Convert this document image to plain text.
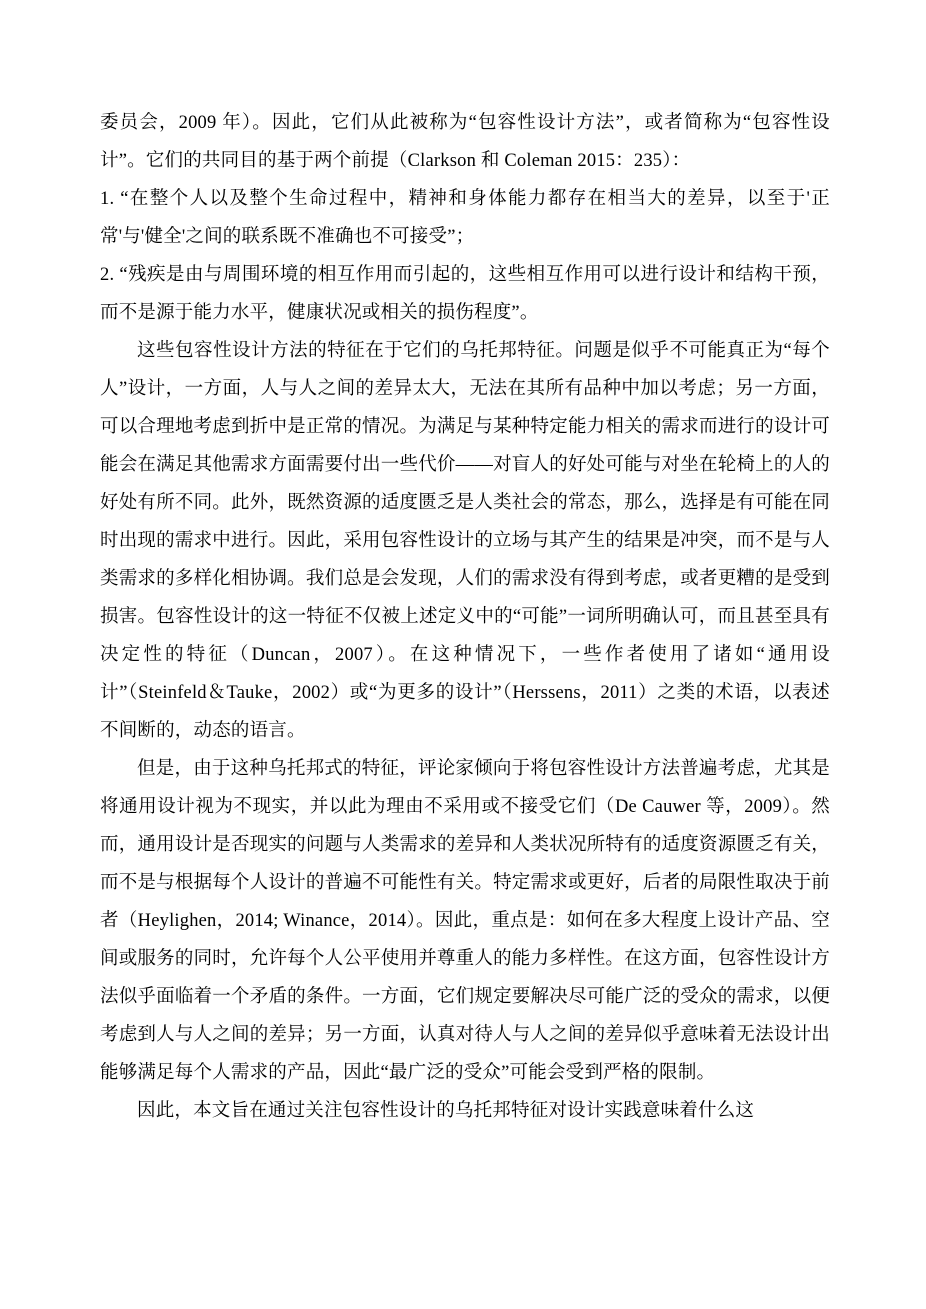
委员会，2009 年）。因此，它们从此被称为“包容性设计方法”，或者简称为“包容性设计”。它们的共同目的基于两个前提（Clarkson 和 Coleman 2015：235）：

1. “在整个人以及整个生命过程中，精神和身体能力都存在相当大的差异，以至于'正常'与'健全'之间的联系既不准确也不可接受”；

2. “残疾是由与周围环境的相互作用而引起的，这些相互作用可以进行设计和结构干预，而不是源于能力水平，健康状况或相关的损伤程度”。

这些包容性设计方法的特征在于它们的乌托邦特征。问题是似乎不可能真正为“每个人”设计，一方面，人与人之间的差异太大，无法在其所有品种中加以考虑；另一方面，可以合理地考虑到折中是正常的情况。为满足与某种特定能力相关的需求而进行的设计可能会在满足其他需求方面需要付出一些代价——对盲人的好处可能与对坐在轮椅上的人的好处有所不同。此外，既然资源的适度匮乏是人类社会的常态，那么，选择是有可能在同时出现的需求中进行。因此，采用包容性设计的立场与其产生的结果是冲突，而不是与人类需求的多样化相协调。我们总是会发现，人们的需求没有得到考虑，或者更糟的是受到损害。包容性设计的这一特征不仅被上述定义中的“可能”一词所明确认可，而且甚至具有决定性的特征（Duncan，2007）。在这种情况下，一些作者使用了诸如“通用设计”（Steinfeld＆Tauke，2002）或“为更多的设计”（Herssens，2011）之类的术语，以表述不间断的，动态的语言。

但是，由于这种乌托邦式的特征，评论家倾向于将包容性设计方法普遍考虑，尤其是将通用设计视为不现实，并以此为理由不采用或不接受它们（De Cauwer 等，2009）。然而，通用设计是否现实的问题与人类需求的差异和人类状况所特有的适度资源匮乏有关，而不是与根据每个人设计的普遍不可能性有关。特定需求或更好，后者的局限性取决于前者（Heylighen，2014; Winance，2014）。因此，重点是：如何在多大程度上设计产品、空间或服务的同时，允许每个人公平使用并尊重人的能力多样性。在这方面，包容性设计方法似乎面临着一个矛盾的条件。一方面，它们规定要解决尽可能广泛的受众的需求，以便考虑到人与人之间的差异；另一方面，认真对待人与人之间的差异似乎意味着无法设计出能够满足每个人需求的产品，因此“最广泛的受众”可能会受到严格的限制。

因此，本文旨在通过关注包容性设计的乌托邦特征对设计实践意味着什么这
